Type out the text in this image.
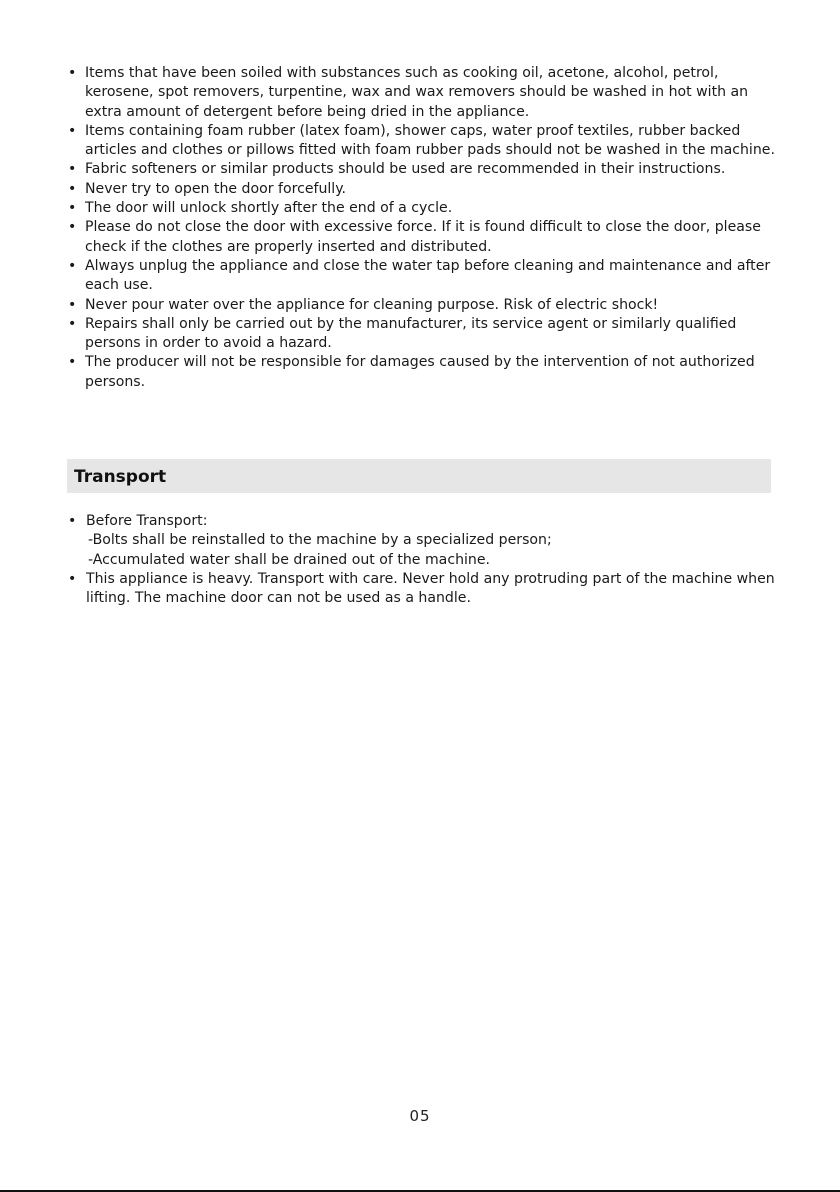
• Items that have been soiled with substances such as cooking oil, acetone, alcohol, petrol, kerosene, spot removers, turpentine, wax and wax removers should be washed in hot with an extra amount of detergent before being dried in the appliance.
• Items containing foam rubber (latex foam), shower caps, water proof textiles, rubber backed articles and clothes or pillows fitted with foam rubber pads should not be washed in the machine.
• Fabric softeners or similar products should be used are recommended in their instructions.
• Never try to open the door forcefully.
• The door will unlock shortly after the end of a cycle.
• Please do not close the door with excessive force. If it is found difficult to close the door, please check if the clothes are properly inserted and distributed.
• Always unplug the appliance and close the water tap before cleaning and maintenance and after each use.
• Never pour water over the appliance for cleaning purpose. Risk of electric shock!
• Repairs shall only be carried out by the manufacturer, its service agent or similarly qualified persons in order to avoid a hazard.
• The producer will not be responsible for damages caused by the intervention of not authorized persons.
Transport
• Before Transport:
-Bolts shall be reinstalled to the machine by a specialized person;
-Accumulated water shall be drained out of the machine.
• This appliance is heavy. Transport with care. Never hold any protruding part of the machine when lifting. The machine door can not be used as a handle.
05
